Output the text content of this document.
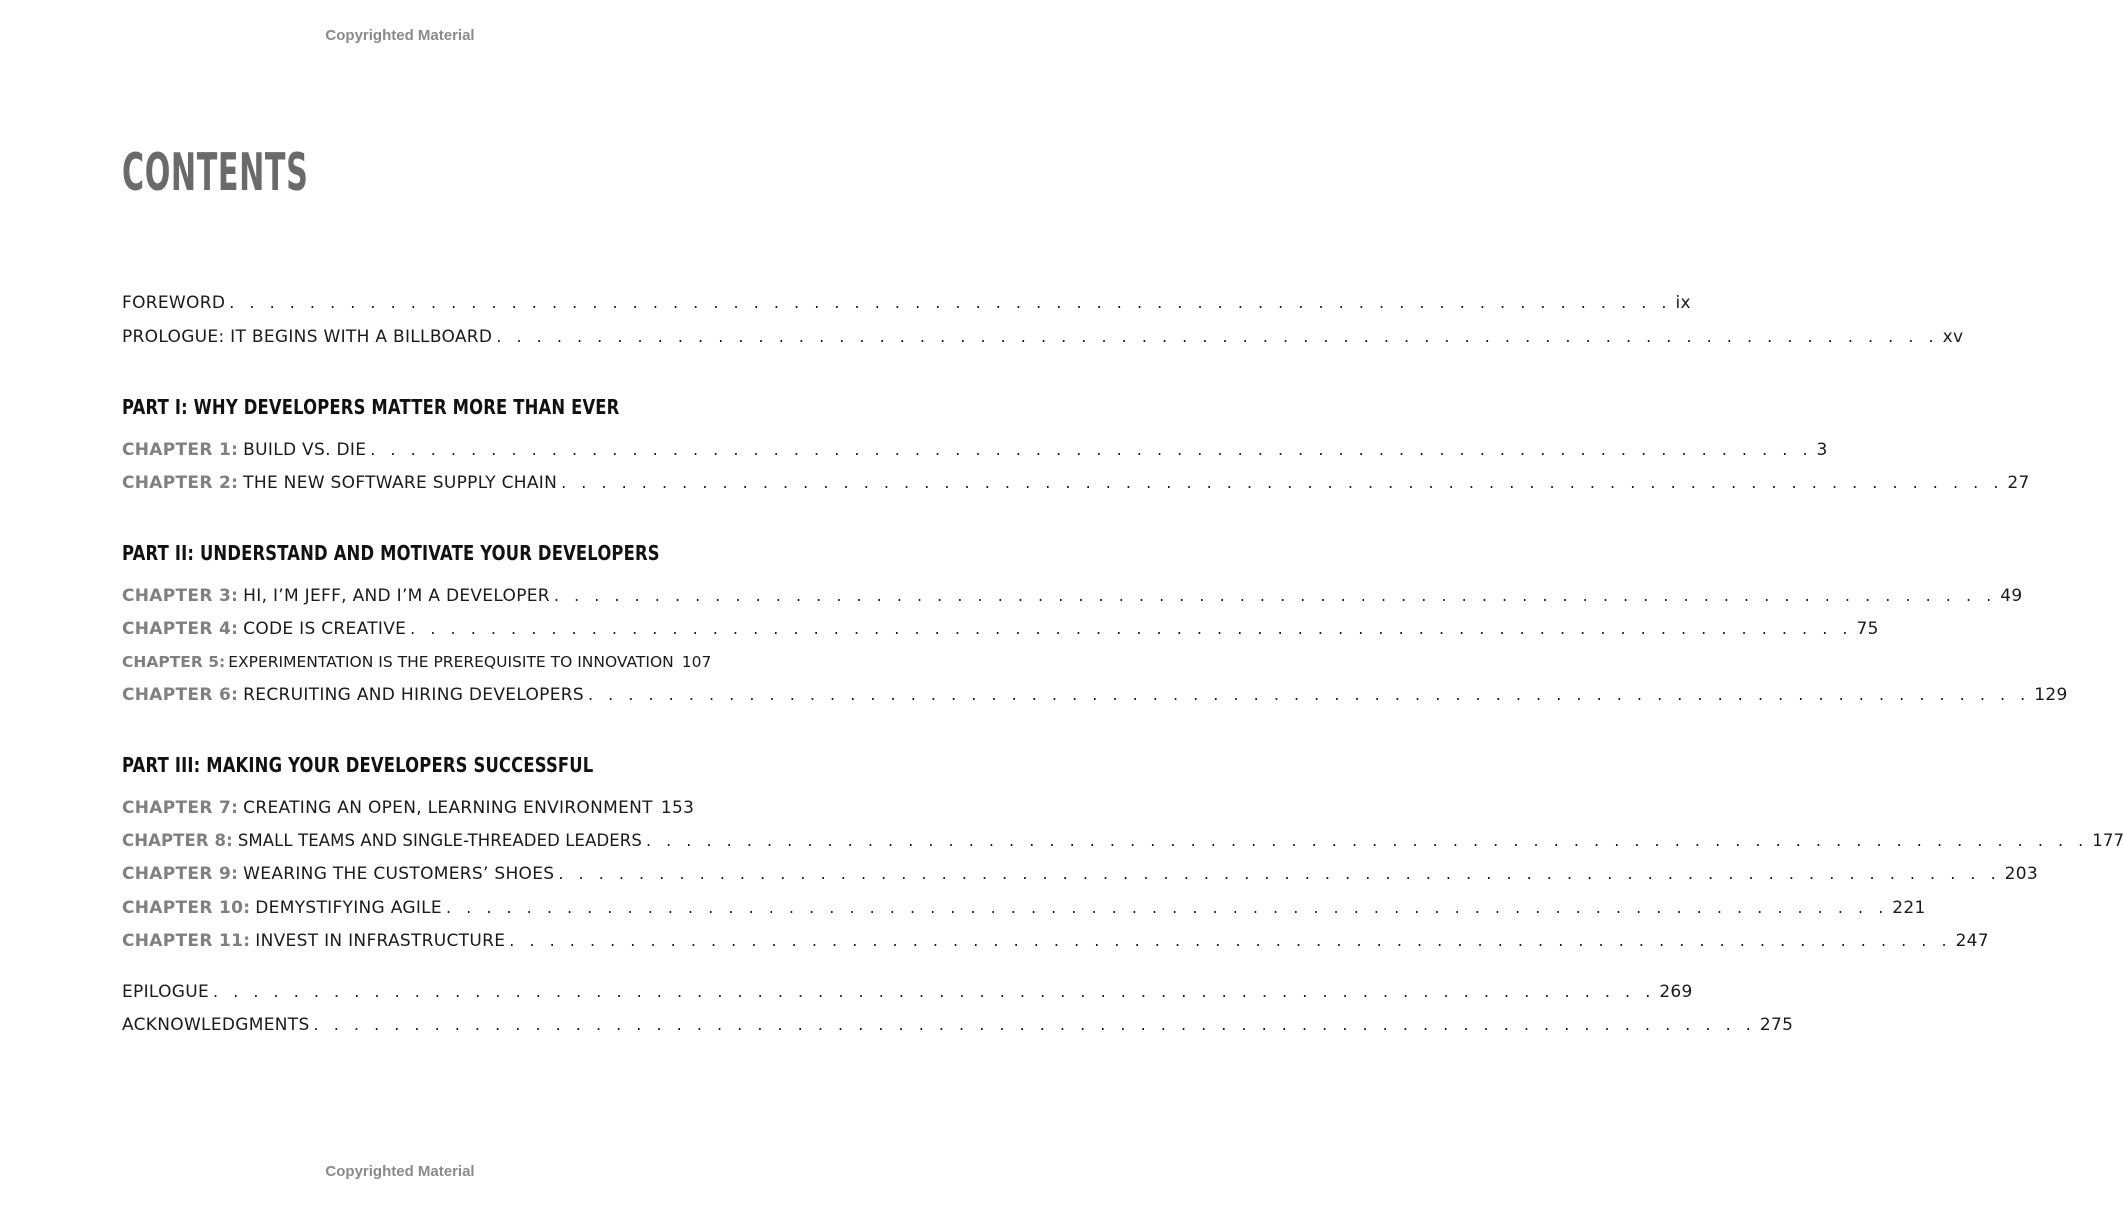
Copyrighted Material
CONTENTS
FOREWORD . . . . . . . . . . . . . . . . . . . . . . . . . . . . . . . . . . . . . . . . . . . . . . . . . . . . . . . . . . . . . . . . . . . . . . . . ix
PROLOGUE: IT BEGINS WITH A BILLBOARD . . . . . . . . . . . . . . . . . . . . . . . . . . . . . . . . . . . . . . . . . . . . . . . . . . . . . . . . . . . . . . . . . . . . . . . . xv
PART I: WHY DEVELOPERS MATTER MORE THAN EVER
CHAPTER 1: BUILD VS. DIE . . . . . . . . . . . . . . . . . . . . . . . . . . . . . . . . . . . . . . . . . . . . . . . . . . . . . . . . . . . . . . . . . . . . . . . . 3
CHAPTER 2: THE NEW SOFTWARE SUPPLY CHAIN . . . . . . . . . . . . . . . . . . . . . . . . . . . . . . . . . . . . . . . . . . . . . . . . . . . . . . . . . . . . . . . . . . . . . . . . 27
PART II: UNDERSTAND AND MOTIVATE YOUR DEVELOPERS
CHAPTER 3: HI, I’M JEFF, AND I’M A DEVELOPER . . . . . . . . . . . . . . . . . . . . . . . . . . . . . . . . . . . . . . . . . . . . . . . . . . . . . . . . . . . . . . . . . . . . . . . . 49
CHAPTER 4: CODE IS CREATIVE . . . . . . . . . . . . . . . . . . . . . . . . . . . . . . . . . . . . . . . . . . . . . . . . . . . . . . . . . . . . . . . . . . . . . . . . 75
CHAPTER 5: EXPERIMENTATION IS THE PREREQUISITE TO INNOVATION 107
CHAPTER 6: RECRUITING AND HIRING DEVELOPERS . . . . . . . . . . . . . . . . . . . . . . . . . . . . . . . . . . . . . . . . . . . . . . . . . . . . . . . . . . . . . . . . . . . . . . . . 129
PART III: MAKING YOUR DEVELOPERS SUCCESSFUL
CHAPTER 7: CREATING AN OPEN, LEARNING ENVIRONMENT 153
CHAPTER 8: SMALL TEAMS AND SINGLE-THREADED LEADERS . . . . . . . . . . . . . . . . . . . . . . . . . . . . . . . . . . . . . . . . . . . . . . . . . . . . . . . . . . . . . . . . . . . . . . . . 177
CHAPTER 9: WEARING THE CUSTOMERS’ SHOES . . . . . . . . . . . . . . . . . . . . . . . . . . . . . . . . . . . . . . . . . . . . . . . . . . . . . . . . . . . . . . . . . . . . . . . . 203
CHAPTER 10: DEMYSTIFYING AGILE . . . . . . . . . . . . . . . . . . . . . . . . . . . . . . . . . . . . . . . . . . . . . . . . . . . . . . . . . . . . . . . . . . . . . . . . 221
CHAPTER 11: INVEST IN INFRASTRUCTURE . . . . . . . . . . . . . . . . . . . . . . . . . . . . . . . . . . . . . . . . . . . . . . . . . . . . . . . . . . . . . . . . . . . . . . . . 247
EPILOGUE . . . . . . . . . . . . . . . . . . . . . . . . . . . . . . . . . . . . . . . . . . . . . . . . . . . . . . . . . . . . . . . . . . . . . . . . 269
ACKNOWLEDGMENTS . . . . . . . . . . . . . . . . . . . . . . . . . . . . . . . . . . . . . . . . . . . . . . . . . . . . . . . . . . . . . . . . . . . . . . . . 275
Copyrighted Material
